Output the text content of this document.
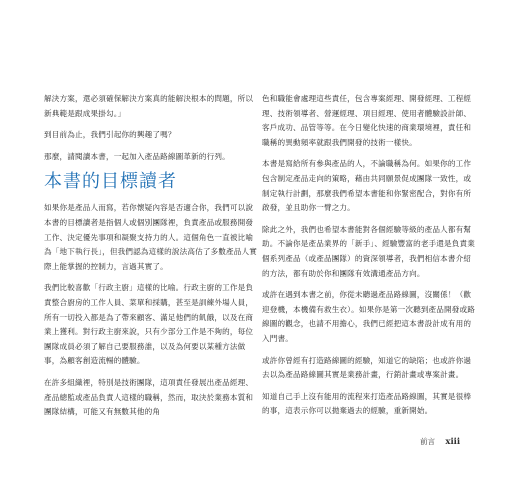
解決方案，還必須確保解決方案真的能解決根本的問題，所以新典範是跟成果掛勾。」

到目前為止，我們引起你的興趣了嗎？

那麼，請閱讀本書，一起加入產品路線圖革新的行列。

本書的目標讀者

如果你是產品人而寫，若你懷疑內容是否適合你，我們可以說本書的目標讀者是指個人或個別團隊裡，負責產品或服務開發工作、決定優先事項和凝聚支持力的人。這個角色一直被比喻為「地下執行長」，但我們認為這樣的說法高估了多數產品人實際上能掌握的控制力，言過其實了。

我們比較喜歡「行政主廚」這樣的比喻。行政主廚的工作是負責整合廚房的工作人員、菜單和採購，甚至是訓練外場人員，所有一切投入都是為了帶來顧客、滿足他們的飢餓，以及在商業上獲利。對行政主廚來說，只有少部分工作是不夠的，每位團隊成員必須了解自己要服務誰，以及為何要以某種方法做事，為顧客創造流暢的體驗。

在許多組織裡，特別是技術團隊，這項責任發展出產品經理、產品總監或產品負責人這樣的職稱，然而，取決於業務本質和團隊結構，可能又有無數其他的角

色和職能會處理這些責任，包含專案經理、開發經理、工程經理、技術領導者、營運經理、項目經理、使用者體驗設計師、客戶成功、品管等等。在今日變化快速的商業環境裡，責任和職稱的異動頻率就跟我們開發的技術一樣快。

本書是寫給所有參與產品的人，不論職稱為何。如果你的工作包含制定產品走向的策略，藉由共同願景促成團隊一致性，或制定執行計劃，那麼我們希望本書能和你緊密配合，對你有所啟發，並且助你一臂之力。

除此之外，我們也希望本書能對各個經驗等級的產品人都有幫助。不論你是產品業界的「新手」、經驗豐富的老手還是負責業個系列產品（或產品團隊）的資深領導者，我們相信本書介紹的方法，都有助於你和團隊有效溝通產品方向。

或許在遇到本書之前，你從未聽過產品路線圖，沒關係！（歡迎登機，本機備有救生衣）。如果你是第一次聽到產品開發或路線圖的觀念，也請不用擔心，我們已經把這本書設計成有用的入門書。

或許你曾經有打造路線圖的經驗，知道它的缺陷；也或許你過去以為產品路線圖其實是業務計畫，行銷計畫或專案計畫。

知道自己手上沒有能用的流程來打造產品路線圖，其實是很棒的事，這表示你可以拋棄過去的經驗，重新開始。

前言 xiii
